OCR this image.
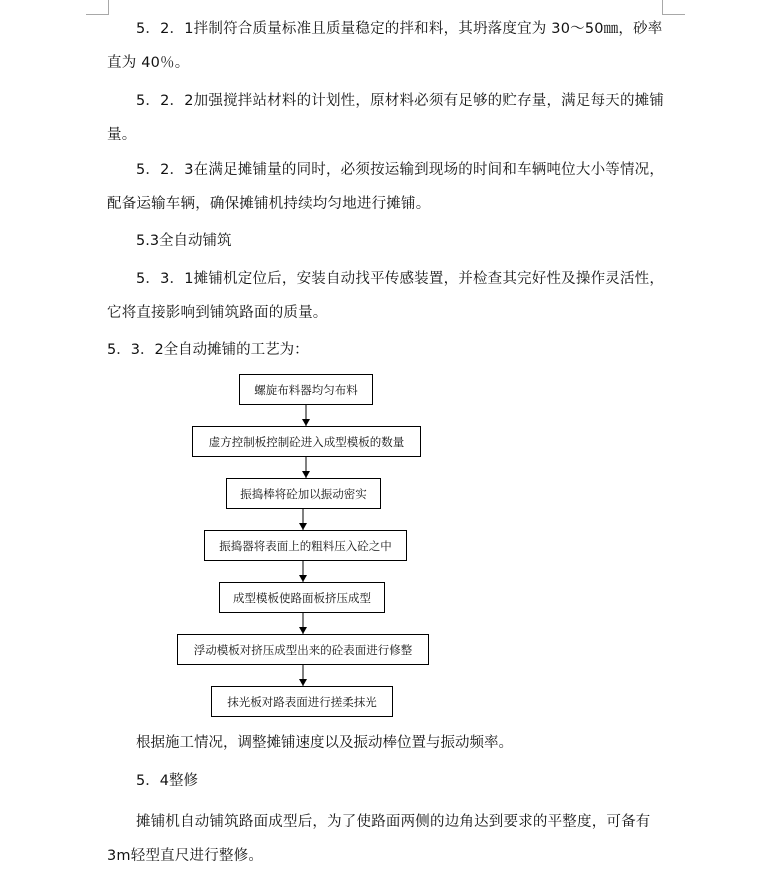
5．2．1拌制符合质量标准且质量稳定的拌和料，其坍落度宜为 30～50㎜，砂率直为 40％。

5．2．2加强搅拌站材料的计划性，原材料必须有足够的贮存量，满足每天的摊铺量。

5．2．3在满足摊铺量的同时，必须按运输到现场的时间和车辆吨位大小等情况，配备运输车辆，确保摊铺机持续均匀地进行摊铺。

5.3全自动铺筑

5．3．1摊铺机定位后，安装自动找平传感装置，并检查其完好性及操作灵活性，它将直接影响到铺筑路面的质量。

5．3．2全自动摊铺的工艺为：
螺旋布料器均匀布料
虚方控制板控制砼进入成型模板的数量
振捣棒将砼加以振动密实
振捣器将表面上的粗料压入砼之中
成型模板使路面板挤压成型
浮动模板对挤压成型出来的砼表面进行修整
抹光板对路表面进行搓柔抹光
根据施工情况，调整摊铺速度以及振动棒位置与振动频率。
5．4整修

摊铺机自动铺筑路面成型后，为了使路面两侧的边角达到要求的平整度，可备有 3m轻型直尺进行整修。
